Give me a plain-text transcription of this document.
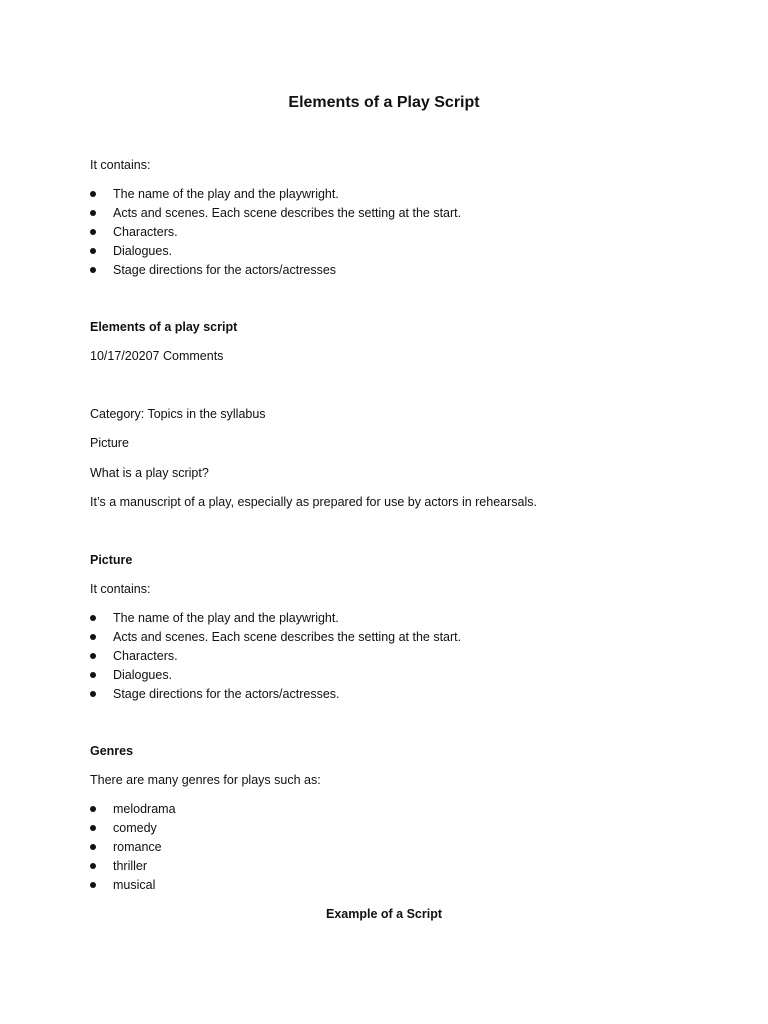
Elements of a Play Script

It contains:

The name of the play and the playwright.
Acts and scenes. Each scene describes the setting at the start.
Characters.
Dialogues.
Stage directions for the actors/actresses

Elements of a play script

10/17/20207 Comments

Category: Topics in the syllabus

Picture

What is a play script?

It’s a manuscript of a play, especially as prepared for use by actors in rehearsals.

Picture

It contains:

The name of the play and the playwright.
Acts and scenes. Each scene describes the setting at the start.
Characters.
Dialogues.
Stage directions for the actors/actresses.

Genres

There are many genres for plays such as:

melodrama
comedy
romance
thriller
musical

Example of a Script
